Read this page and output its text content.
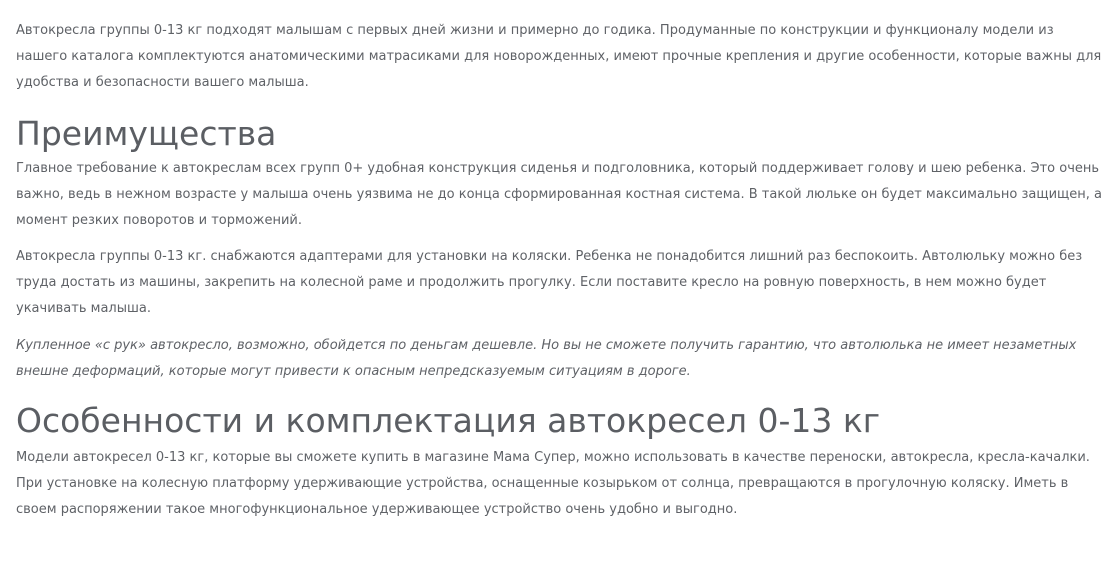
Автокресла группы 0-13 кг подходят малышам с первых дней жизни и примерно до годика. Продуманные по конструкции и функционалу модели из нашего каталога комплектуются анатомическими матрасиками для новорожденных, имеют прочные крепления и другие особенности, которые важны для удобства и безопасности вашего малыша.

Преимущества

Главное требование к автокреслам всех групп 0+ удобная конструкция сиденья и подголовника, который поддерживает голову и шею ребенка. Это очень важно, ведь в нежном возрасте у малыша очень уязвима не до конца сформированная костная система. В такой люльке он будет максимально защищен, а момент резких поворотов и торможений.

Автокресла группы 0-13 кг. снабжаются адаптерами для установки на коляски. Ребенка не понадобится лишний раз беспокоить. Автолюльку можно без труда достать из машины, закрепить на колесной раме и продолжить прогулку. Если поставите кресло на ровную поверхность, в нем можно будет укачивать малыша.

Купленное «с рук» автокресло, возможно, обойдется по деньгам дешевле. Но вы не сможете получить гарантию, что автолюлька не имеет незаметных внешне деформаций, которые могут привести к опасным непредсказуемым ситуациям в дороге.

Особенности и комплектация автокресел 0-13 кг

Модели автокресел 0-13 кг, которые вы сможете купить в магазине Мама Супер, можно использовать в качестве переноски, автокресла, кресла-качалки. При установке на колесную платформу удерживающие устройства, оснащенные козырьком от солнца, превращаются в прогулочную коляску. Иметь в своем распоряжении такое многофункциональное удерживающее устройство очень удобно и выгодно.
